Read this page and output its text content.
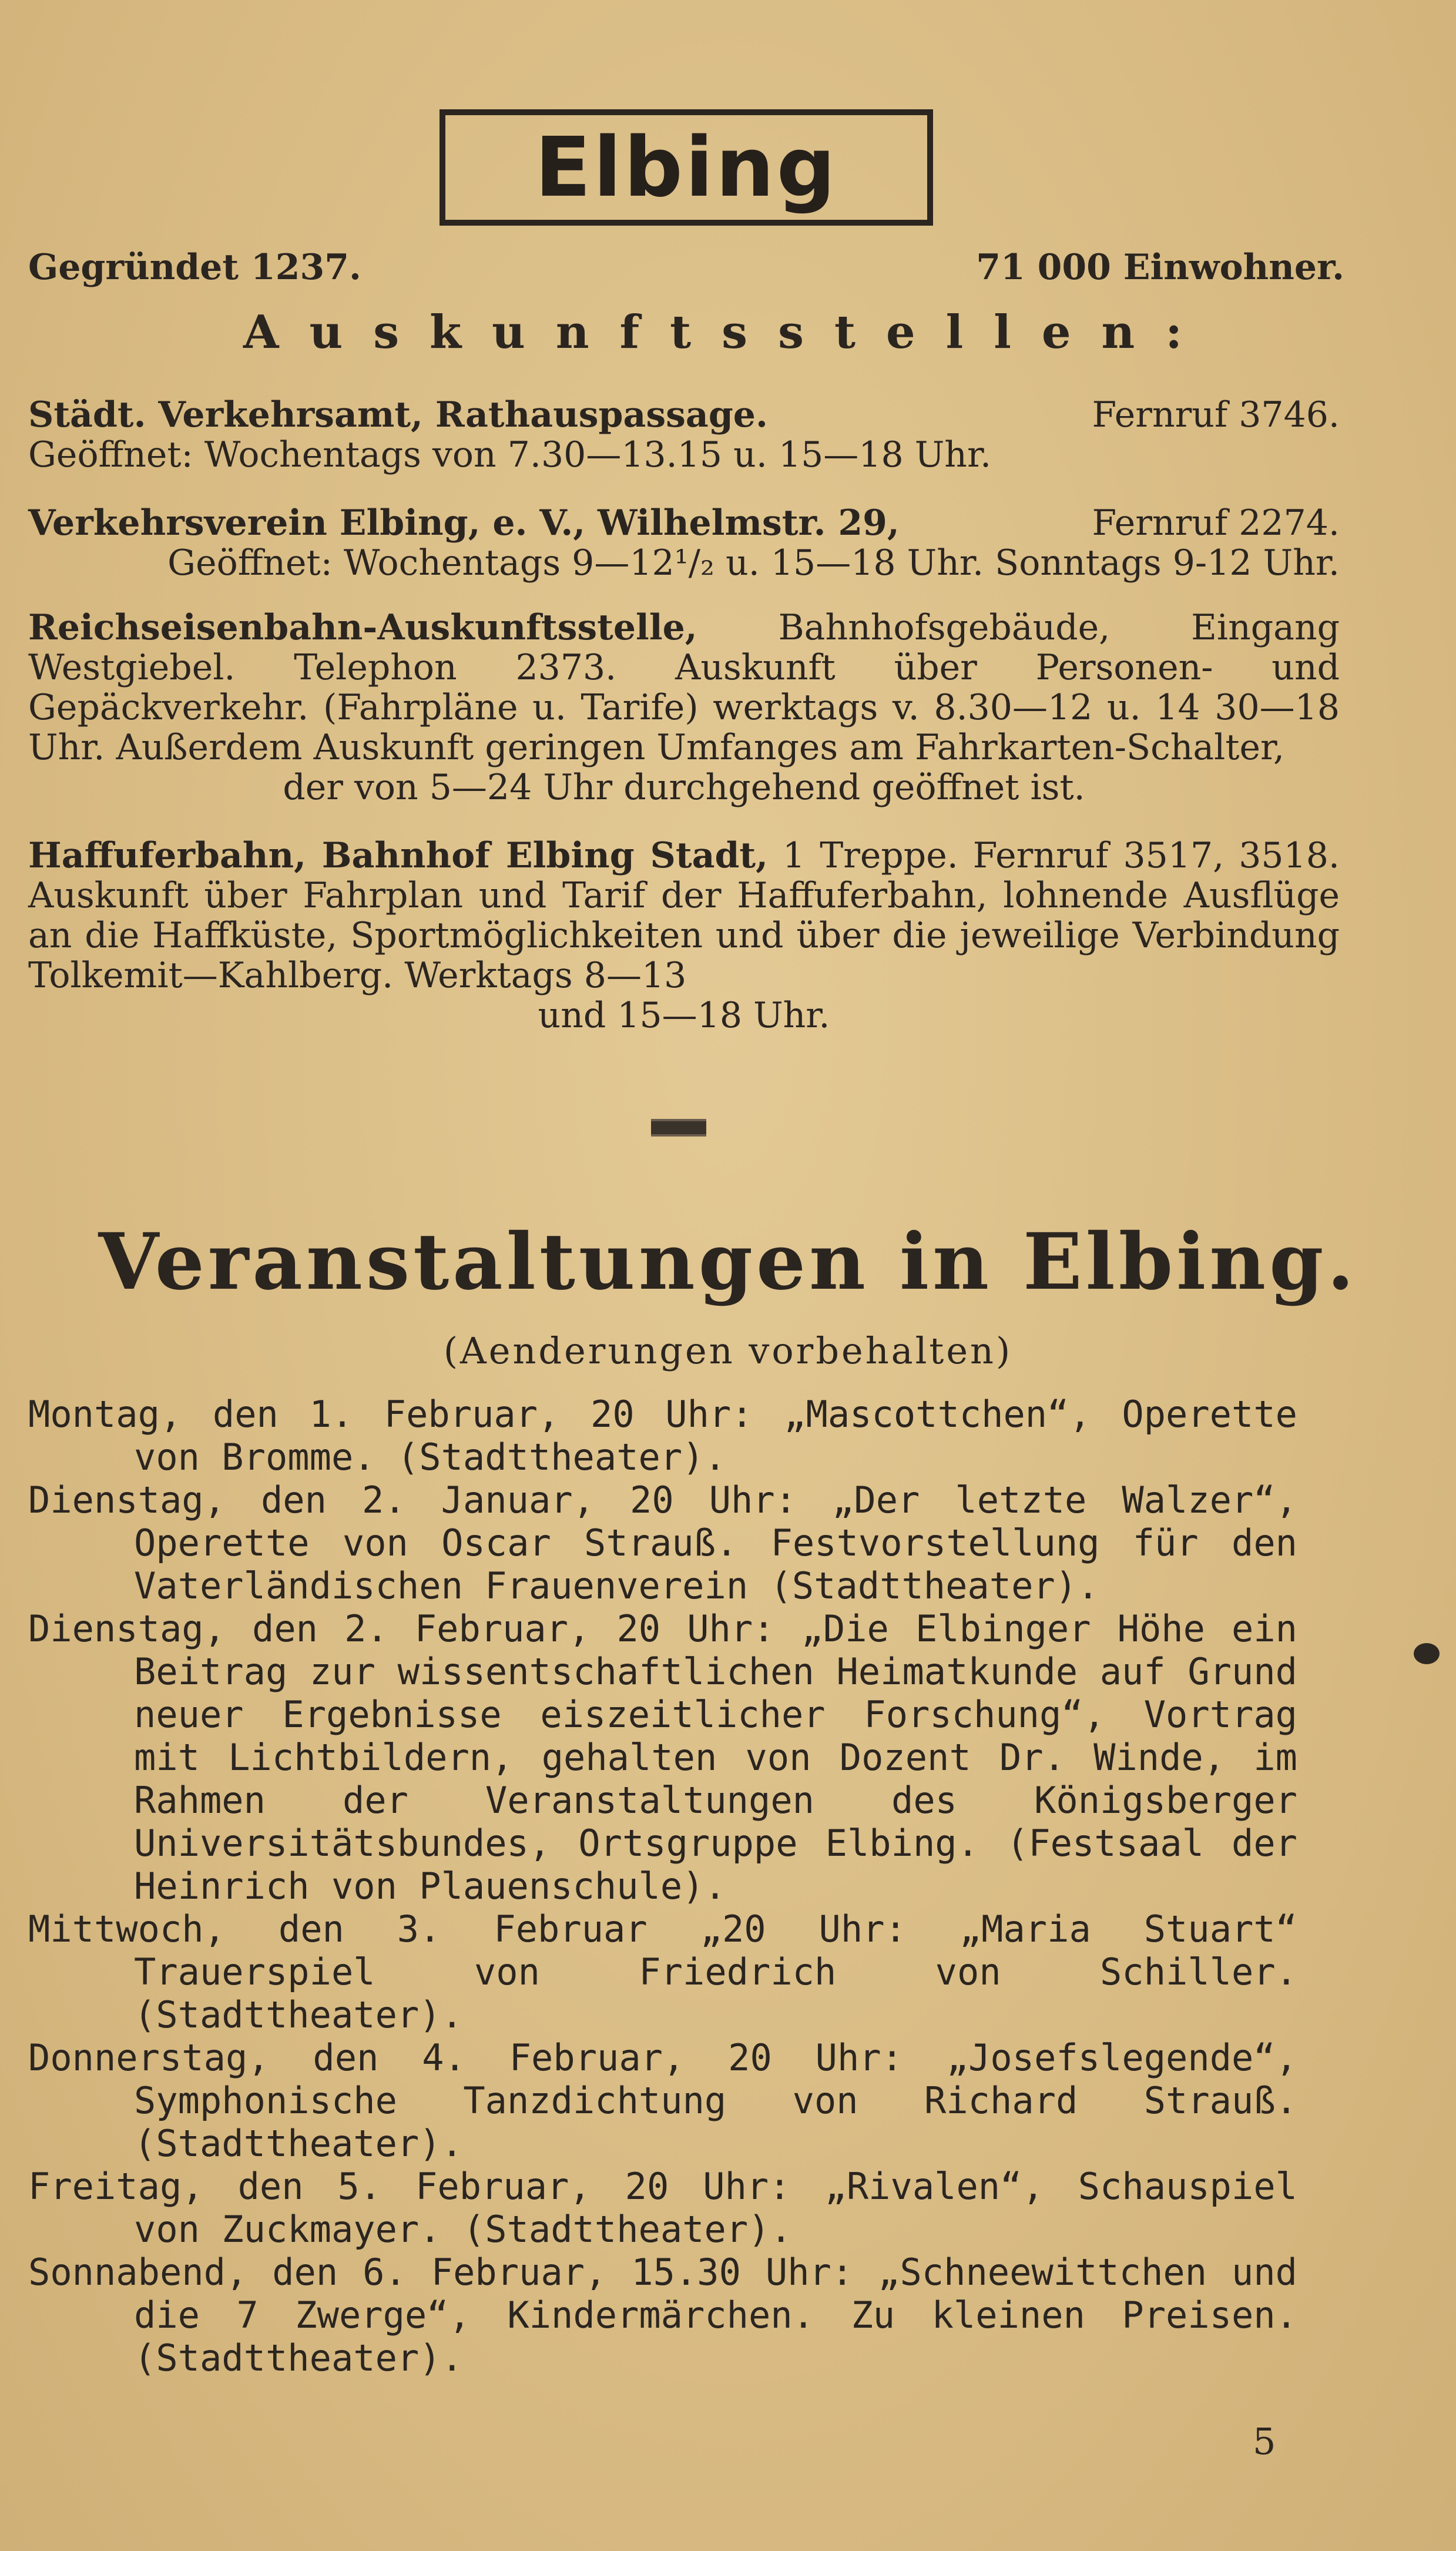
Elbing
Gegründet 1237.	71 000 Einwohner.
Auskunftsstellen:
Städt. Verkehrsamt, Rathauspassage.	Fernruf 3746.
Geöffnet: Wochentags von 7.30—13.15 u. 15—18 Uhr.
Verkehrsverein Elbing, e. V., Wilhelmstr. 29,	Fernruf 2274.
Geöffnet: Wochentags 9—12¹/₂ u. 15—18 Uhr. Sonntags 9-12 Uhr.
Reichseisenbahn-Auskunftsstelle, Bahnhofsgebäude, Eingang Westgiebel. Telephon 2373. Auskunft über Personen- und Gepäckverkehr. (Fahrpläne u. Tarife) werktags v. 8.30—12 u. 14 30—18 Uhr. Außerdem Auskunft geringen Umfanges am Fahrkarten-Schalter,
der von 5—24 Uhr durchgehend geöffnet ist.
Haffuferbahn, Bahnhof Elbing Stadt, 1 Treppe. Fernruf 3517, 3518. Auskunft über Fahrplan und Tarif der Haffuferbahn, lohnende Ausflüge an die Haffküste, Sportmöglichkeiten und über die jeweilige Verbindung Tolkemit—Kahlberg. Werktags 8—13
und 15—18 Uhr.
Veranstaltungen in Elbing.
(Aenderungen vorbehalten)
Montag, den 1. Februar, 20 Uhr: „Mascottchen“, Operette von Bromme. (Stadttheater).
Dienstag, den 2. Januar, 20 Uhr: „Der letzte Walzer“, Operette von Oscar Strauß. Festvorstellung für den Vaterländischen Frauenverein (Stadttheater).
Dienstag, den 2. Februar, 20 Uhr: „Die Elbinger Höhe ein Beitrag zur wissentschaftlichen Heimatkunde auf Grund neuer Ergebnisse eiszeitlicher Forschung“, Vortrag mit Lichtbildern, gehalten von Dozent Dr. Winde, im Rahmen der Veranstaltungen des Königsberger Universitätsbundes, Ortsgruppe Elbing. (Festsaal der Heinrich von Plauenschule).
Mittwoch, den 3. Februar „20 Uhr: „Maria Stuart“ Trauerspiel von Friedrich von Schiller. (Stadttheater).
Donnerstag, den 4. Februar, 20 Uhr: „Josefslegende“, Symphonische Tanzdichtung von Richard Strauß. (Stadttheater).
Freitag, den 5. Februar, 20 Uhr: „Rivalen“, Schauspiel von Zuckmayer. (Stadttheater).
Sonnabend, den 6. Februar, 15.30 Uhr: „Schneewittchen und die 7 Zwerge“, Kindermärchen. Zu kleinen Preisen. (Stadttheater).
5
